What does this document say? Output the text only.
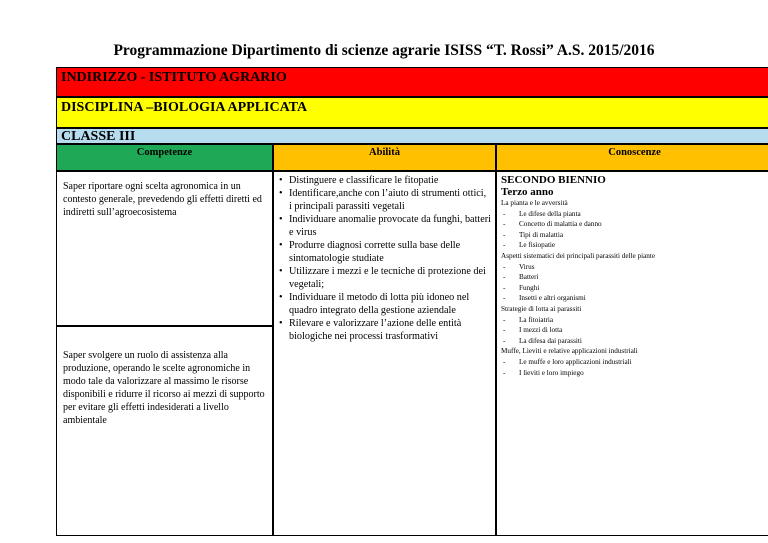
Programmazione Dipartimento di scienze agrarie ISISS “T. Rossi” A.S. 2015/2016
INDIRIZZO - ISTITUTO AGRARIO
DISCIPLINA –BIOLOGIA APPLICATA
CLASSE III
Competenze	Abilità	Conoscenze
Saper riportare ogni scelta agronomica in un contesto generale, prevedendo gli effetti diretti ed indiretti sull’agroecosistema
Saper svolgere un ruolo di assistenza alla produzione, operando le scelte agronomiche in modo tale da valorizzare al massimo le risorse disponibili e ridurre il ricorso ai mezzi di supporto per evitare gli effetti indesiderati a livello ambientale
• Distinguere e classificare le fitopatie
• Identificare,anche con l’aiuto di strumenti ottici, i principali parassiti vegetali
• Individuare anomalie provocate da funghi, batteri e virus
• Produrre diagnosi corrette sulla base delle sintomatologie studiate
• Utilizzare i mezzi e le tecniche di protezione dei vegetali;
• Individuare il metodo di lotta più idoneo nel quadro integrato della gestione aziendale
• Rilevare e valorizzare l’azione delle entità biologiche nei processi trasformativi
SECONDO BIENNIO
Terzo anno
La pianta e le avversità
- Le difese della pianta
- Concetto di malattia e danno
- Tipi di malattia
- Le fisiopatie
Aspetti sistematici dei principali parassiti delle piante
- Virus
- Batteri
- Funghi
- Insetti e altri organismi
Strategie di lotta ai parassiti
- La fitoiatria
- I mezzi di lotta
- La difesa dai parassiti
Muffe, Lieviti e relative applicazioni industriali
- Le muffe e loro applicazioni industriali
- I lieviti e loro impiego
